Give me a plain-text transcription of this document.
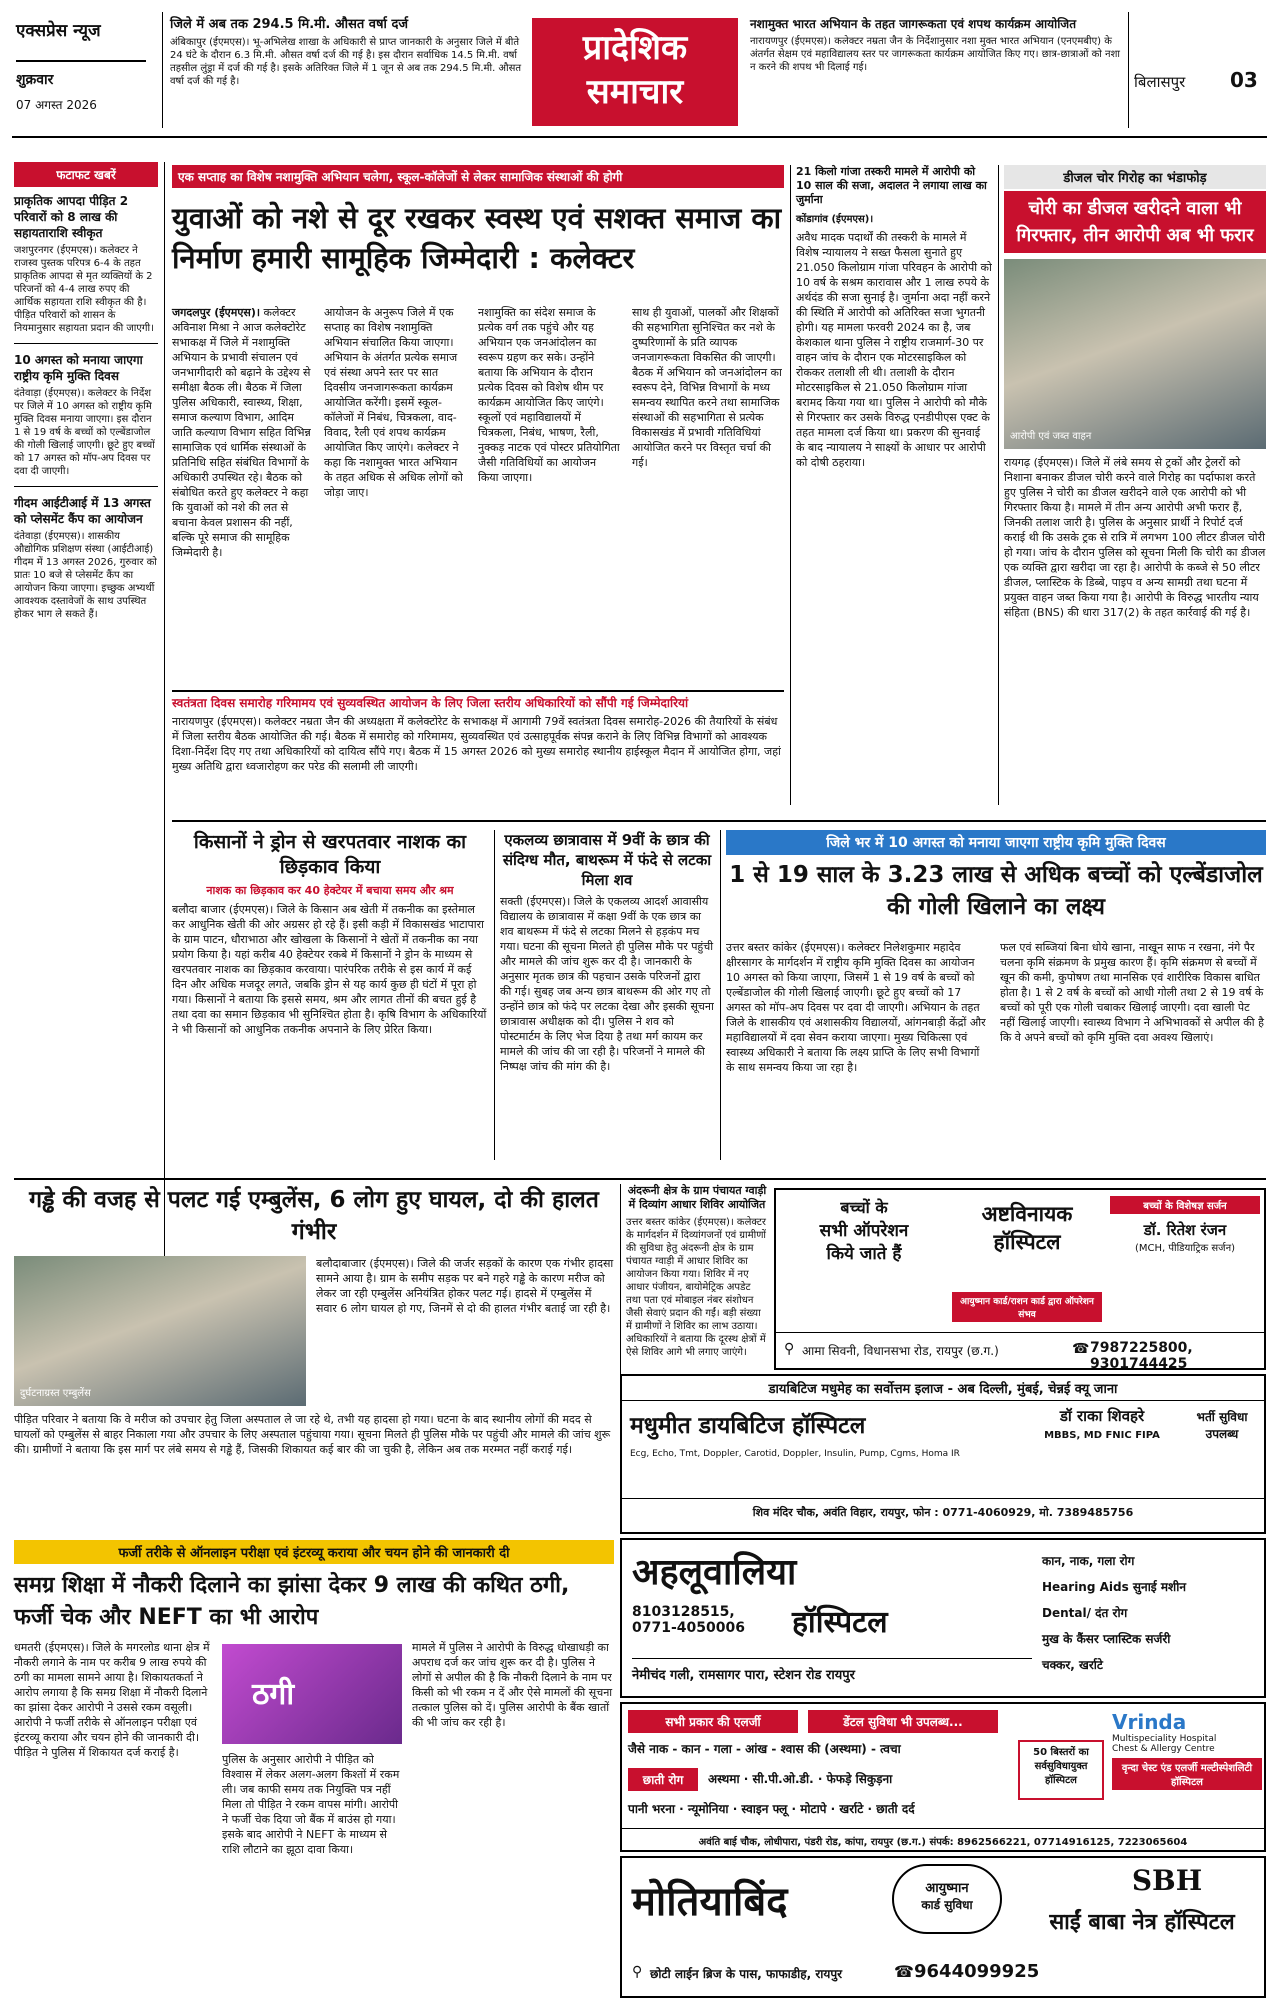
एक्सप्रेस न्यूज
शुक्रवार
07 अगस्त 2026
जिले में अब तक 294.5 मि.मी. औसत वर्षा दर्ज
अंबिकापुर (ईएमएस)। भू-अभिलेख शाखा के अधिकारी से प्राप्त जानकारी के अनुसार जिले में बीते 24 घंटे के दौरान 6.3 मि.मी. औसत वर्षा दर्ज की गई है। इस दौरान सर्वाधिक 14.5 मि.मी. वर्षा तहसील लुंड्रा में दर्ज की गई है। इसके अतिरिक्त जिले में 1 जून से अब तक 294.5 मि.मी. औसत वर्षा दर्ज की गई है।
प्रादेशिक
समाचार
नशामुक्त भारत अभियान के तहत जागरूकता एवं शपथ कार्यक्रम आयोजित
नारायणपुर (ईएमएस)। कलेक्टर नम्रता जैन के निर्देशानुसार नशा मुक्त भारत अभियान (एनएमबीए) के अंतर्गत सेक्षम एवं महाविद्यालय स्तर पर जागरूकता कार्यक्रम आयोजित किए गए। छात्र-छात्राओं को नशा न करने की शपथ भी दिलाई गई।
बिलासपुर 03
फटाफट खबरें
प्राकृतिक आपदा पीड़ित 2 परिवारों को 8 लाख की सहायताराशि स्वीकृत
जशपुरनगर (ईएमएस)। कलेक्टर ने राजस्व पुस्तक परिपत्र 6-4 के तहत प्राकृतिक आपदा से मृत व्यक्तियों के 2 परिजनों को 4-4 लाख रुपए की आर्थिक सहायता राशि स्वीकृत की है। पीड़ित परिवारों को शासन के नियमानुसार सहायता प्रदान की जाएगी।
10 अगस्त को मनाया जाएगा राष्ट्रीय कृमि मुक्ति दिवस
दंतेवाड़ा (ईएमएस)। कलेक्टर के निर्देश पर जिले में 10 अगस्त को राष्ट्रीय कृमि मुक्ति दिवस मनाया जाएगा। इस दौरान 1 से 19 वर्ष के बच्चों को एल्बेंडाजोल की गोली खिलाई जाएगी। छूटे हुए बच्चों को 17 अगस्त को मॉप-अप दिवस पर दवा दी जाएगी।
गीदम आईटीआई में 13 अगस्त को प्लेसमेंट कैंप का आयोजन
दंतेवाड़ा (ईएमएस)। शासकीय औद्योगिक प्रशिक्षण संस्था (आईटीआई) गीदम में 13 अगस्त 2026, गुरुवार को प्रातः 10 बजे से प्लेसमेंट कैंप का आयोजन किया जाएगा। इच्छुक अभ्यर्थी आवश्यक दस्तावेजों के साथ उपस्थित होकर भाग ले सकते हैं।
एक सप्ताह का विशेष नशामुक्ति अभियान चलेगा, स्कूल-कॉलेजों से लेकर सामाजिक संस्थाओं की होगी
युवाओं को नशे से दूर रखकर स्वस्थ एवं सशक्त समाज का निर्माण हमारी सामूहिक जिम्मेदारी : कलेक्टर
जगदलपुर (ईएमएस)। कलेक्टर अविनाश मिश्रा ने आज कलेक्टोरेट सभाकक्ष में जिले में नशामुक्ति अभियान के प्रभावी संचालन एवं जनभागीदारी को बढ़ाने के उद्देश्य से समीक्षा बैठक ली। बैठक में जिला पुलिस अधिकारी, स्वास्थ्य, शिक्षा, समाज कल्याण विभाग, आदिम जाति कल्याण विभाग सहित विभिन्न सामाजिक एवं धार्मिक संस्थाओं के प्रतिनिधि सहित संबंधित विभागों के अधिकारी उपस्थित रहे। बैठक को संबोधित करते हुए कलेक्टर ने कहा कि युवाओं को नशे की लत से बचाना केवल प्रशासन की नहीं, बल्कि पूरे समाज की सामूहिक जिम्मेदारी है।
आयोजन के अनुरूप जिले में एक सप्ताह का विशेष नशामुक्ति अभियान संचालित किया जाएगा। अभियान के अंतर्गत प्रत्येक समाज एवं संस्था अपने स्तर पर सात दिवसीय जनजागरूकता कार्यक्रम आयोजित करेंगी। इसमें स्कूल-कॉलेजों में निबंध, चित्रकला, वाद-विवाद, रैली एवं शपथ कार्यक्रम आयोजित किए जाएंगे। कलेक्टर ने कहा कि नशामुक्त भारत अभियान के तहत अधिक से अधिक लोगों को जोड़ा जाए।
नशामुक्ति का संदेश समाज के प्रत्येक वर्ग तक पहुंचे और यह अभियान एक जनआंदोलन का स्वरूप ग्रहण कर सके। उन्होंने बताया कि अभियान के दौरान प्रत्येक दिवस को विशेष थीम पर कार्यक्रम आयोजित किए जाएंगे। स्कूलों एवं महाविद्यालयों में चित्रकला, निबंध, भाषण, रैली, नुक्कड़ नाटक एवं पोस्टर प्रतियोगिता जैसी गतिविधियों का आयोजन किया जाएगा।
साथ ही युवाओं, पालकों और शिक्षकों की सहभागिता सुनिश्चित कर नशे के दुष्परिणामों के प्रति व्यापक जनजागरूकता विकसित की जाएगी। बैठक में अभियान को जनआंदोलन का स्वरूप देने, विभिन्न विभागों के मध्य समन्वय स्थापित करने तथा सामाजिक संस्थाओं की सहभागिता से प्रत्येक विकासखंड में प्रभावी गतिविधियां आयोजित करने पर विस्तृत चर्चा की गई।
21 किलो गांजा तस्करी मामले में आरोपी को 10 साल की सजा, अदालत ने लगाया लाख का जुर्माना
कोंडागांव (ईएमएस)।
अवैध मादक पदार्थों की तस्करी के मामले में विशेष न्यायालय ने सख्त फैसला सुनाते हुए 21.050 किलोग्राम गांजा परिवहन के आरोपी को 10 वर्ष के सश्रम कारावास और 1 लाख रुपये के अर्थदंड की सजा सुनाई है। जुर्माना अदा नहीं करने की स्थिति में आरोपी को अतिरिक्त सजा भुगतनी होगी। यह मामला फरवरी 2024 का है, जब केशकाल थाना पुलिस ने राष्ट्रीय राजमार्ग-30 पर वाहन जांच के दौरान एक मोटरसाइकिल को रोककर तलाशी ली थी। तलाशी के दौरान मोटरसाइकिल से 21.050 किलोग्राम गांजा बरामद किया गया था। पुलिस ने आरोपी को मौके से गिरफ्तार कर उसके विरुद्ध एनडीपीएस एक्ट के तहत मामला दर्ज किया था। प्रकरण की सुनवाई के बाद न्यायालय ने साक्ष्यों के आधार पर आरोपी को दोषी ठहराया।
डीजल चोर गिरोह का भंडाफोड़
चोरी का डीजल खरीदने वाला भी गिरफ्तार, तीन आरोपी अब भी फरार
आरोपी एवं जब्त वाहन
रायगढ़ (ईएमएस)। जिले में लंबे समय से ट्रकों और ट्रेलरों को निशाना बनाकर डीजल चोरी करने वाले गिरोह का पर्दाफाश करते हुए पुलिस ने चोरी का डीजल खरीदने वाले एक आरोपी को भी गिरफ्तार किया है। मामले में तीन अन्य आरोपी अभी फरार हैं, जिनकी तलाश जारी है। पुलिस के अनुसार प्रार्थी ने रिपोर्ट दर्ज कराई थी कि उसके ट्रक से रात्रि में लगभग 100 लीटर डीजल चोरी हो गया। जांच के दौरान पुलिस को सूचना मिली कि चोरी का डीजल एक व्यक्ति द्वारा खरीदा जा रहा है। आरोपी के कब्जे से 50 लीटर डीजल, प्लास्टिक के डिब्बे, पाइप व अन्य सामग्री तथा घटना में प्रयुक्त वाहन जब्त किया गया है। आरोपी के विरुद्ध भारतीय न्याय संहिता (BNS) की धारा 317(2) के तहत कार्रवाई की गई है।
स्वतंत्रता दिवस समारोह गरिमामय एवं सुव्यवस्थित आयोजन के लिए जिला स्तरीय अधिकारियों को सौंपी गई जिम्मेदारियां
नारायणपुर (ईएमएस)। कलेक्टर नम्रता जैन की अध्यक्षता में कलेक्टोरेट के सभाकक्ष में आगामी 79वें स्वतंत्रता दिवस समारोह-2026 की तैयारियों के संबंध में जिला स्तरीय बैठक आयोजित की गई। बैठक में समारोह को गरिमामय, सुव्यवस्थित एवं उत्साहपूर्वक संपन्न कराने के लिए विभिन्न विभागों को आवश्यक दिशा-निर्देश दिए गए तथा अधिकारियों को दायित्व सौंपे गए। बैठक में 15 अगस्त 2026 को मुख्य समारोह स्थानीय हाईस्कूल मैदान में आयोजित होगा, जहां मुख्य अतिथि द्वारा ध्वजारोहण कर परेड की सलामी ली जाएगी।
किसानों ने ड्रोन से खरपतवार नाशक का छिड़काव किया
नाशक का छिड़काव कर 40 हेक्टेयर में बचाया समय और श्रम
बलौदा बाजार (ईएमएस)। जिले के किसान अब खेती में तकनीक का इस्तेमाल कर आधुनिक खेती की ओर अग्रसर हो रहे हैं। इसी कड़ी में विकासखंड भाटापारा के ग्राम पाटन, धौराभाठा और खोखला के किसानों ने खेतों में तकनीक का नया प्रयोग किया है। यहां करीब 40 हेक्टेयर रकबे में किसानों ने ड्रोन के माध्यम से खरपतवार नाशक का छिड़काव करवाया। पारंपरिक तरीके से इस कार्य में कई दिन और अधिक मजदूर लगते, जबकि ड्रोन से यह कार्य कुछ ही घंटों में पूरा हो गया। किसानों ने बताया कि इससे समय, श्रम और लागत तीनों की बचत हुई है तथा दवा का समान छिड़काव भी सुनिश्चित होता है। कृषि विभाग के अधिकारियों ने भी किसानों को आधुनिक तकनीक अपनाने के लिए प्रेरित किया।
एकलव्य छात्रावास में 9वीं के छात्र की संदिग्ध मौत, बाथरूम में फंदे से लटका मिला शव
सक्ती (ईएमएस)। जिले के एकलव्य आदर्श आवासीय विद्यालय के छात्रावास में कक्षा 9वीं के एक छात्र का शव बाथरूम में फंदे से लटका मिलने से हड़कंप मच गया। घटना की सूचना मिलते ही पुलिस मौके पर पहुंची और मामले की जांच शुरू कर दी है। जानकारी के अनुसार मृतक छात्र की पहचान उसके परिजनों द्वारा की गई। सुबह जब अन्य छात्र बाथरूम की ओर गए तो उन्होंने छात्र को फंदे पर लटका देखा और इसकी सूचना छात्रावास अधीक्षक को दी। पुलिस ने शव को पोस्टमार्टम के लिए भेज दिया है तथा मर्ग कायम कर मामले की जांच की जा रही है। परिजनों ने मामले की निष्पक्ष जांच की मांग की है।
जिले भर में 10 अगस्त को मनाया जाएगा राष्ट्रीय कृमि मुक्ति दिवस
1 से 19 साल के 3.23 लाख से अधिक बच्चों को एल्बेंडाजोल की गोली खिलाने का लक्ष्य
उत्तर बस्तर कांकेर (ईएमएस)। कलेक्टर निलेशकुमार महादेव क्षीरसागर के मार्गदर्शन में राष्ट्रीय कृमि मुक्ति दिवस का आयोजन 10 अगस्त को किया जाएगा, जिसमें 1 से 19 वर्ष के बच्चों को एल्बेंडाजोल की गोली खिलाई जाएगी। छूटे हुए बच्चों को 17 अगस्त को मॉप-अप दिवस पर दवा दी जाएगी। अभियान के तहत जिले के शासकीय एवं अशासकीय विद्यालयों, आंगनबाड़ी केंद्रों और महाविद्यालयों में दवा सेवन कराया जाएगा। मुख्य चिकित्सा एवं स्वास्थ्य अधिकारी ने बताया कि लक्ष्य प्राप्ति के लिए सभी विभागों के साथ समन्वय किया जा रहा है।
फल एवं सब्जियां बिना धोये खाना, नाखून साफ न रखना, नंगे पैर चलना कृमि संक्रमण के प्रमुख कारण हैं। कृमि संक्रमण से बच्चों में खून की कमी, कुपोषण तथा मानसिक एवं शारीरिक विकास बाधित होता है। 1 से 2 वर्ष के बच्चों को आधी गोली तथा 2 से 19 वर्ष के बच्चों को पूरी एक गोली चबाकर खिलाई जाएगी। दवा खाली पेट नहीं खिलाई जाएगी। स्वास्थ्य विभाग ने अभिभावकों से अपील की है कि वे अपने बच्चों को कृमि मुक्ति दवा अवश्य खिलाएं।
गड्ढे की वजह से पलट गई एम्बुलेंस, 6 लोग हुए घायल, दो की हालत गंभीर
दुर्घटनाग्रस्त एम्बुलेंस
बलौदाबाजार (ईएमएस)। जिले की जर्जर सड़कों के कारण एक गंभीर हादसा सामने आया है। ग्राम के समीप सड़क पर बने गहरे गड्ढे के कारण मरीज को लेकर जा रही एम्बुलेंस अनियंत्रित होकर पलट गई। हादसे में एम्बुलेंस में सवार 6 लोग घायल हो गए, जिनमें से दो की हालत गंभीर बताई जा रही है।
पीड़ित परिवार ने बताया कि वे मरीज को उपचार हेतु जिला अस्पताल ले जा रहे थे, तभी यह हादसा हो गया। घटना के बाद स्थानीय लोगों की मदद से घायलों को एम्बुलेंस से बाहर निकाला गया और उपचार के लिए अस्पताल पहुंचाया गया। सूचना मिलते ही पुलिस मौके पर पहुंची और मामले की जांच शुरू की। ग्रामीणों ने बताया कि इस मार्ग पर लंबे समय से गड्ढे हैं, जिसकी शिकायत कई बार की जा चुकी है, लेकिन अब तक मरम्मत नहीं कराई गई।
अंदरूनी क्षेत्र के ग्राम पंचायत ग्वाड़ी में दिव्यांग आधार शिविर आयोजित
उत्तर बस्तर कांकेर (ईएमएस)। कलेक्टर के मार्गदर्शन में दिव्यांगजनों एवं ग्रामीणों की सुविधा हेतु अंदरूनी क्षेत्र के ग्राम पंचायत ग्वाड़ी में आधार शिविर का आयोजन किया गया। शिविर में नए आधार पंजीयन, बायोमेट्रिक अपडेट तथा पता एवं मोबाइल नंबर संशोधन जैसी सेवाएं प्रदान की गईं। बड़ी संख्या में ग्रामीणों ने शिविर का लाभ उठाया। अधिकारियों ने बताया कि दूरस्थ क्षेत्रों में ऐसे शिविर आगे भी लगाए जाएंगे।
बच्चों के
सभी ऑपरेशन
किये जाते हैं
अष्टविनायक हॉस्पिटल
बच्चों के विशेषज्ञ सर्जन
डॉ. रितेश रंजन
(MCH, पीडियाट्रिक सर्जन)
आयुष्मान कार्ड/राशन कार्ड द्वारा ऑपरेशन संभव
⚲ आमा सिवनी, विधानसभा रोड, रायपुर (छ.ग.)	☎ 7987225800, 9301744425
डायबिटिज मधुमेह का सर्वोत्तम इलाज - अब दिल्ली, मुंबई, चेन्नई क्यू जाना
मधुमीत डायबिटिज हॉस्पिटल
Ecg, Echo, Tmt, Doppler, Carotid, Doppler, Insulin, Pump, Cgms, Homa IR
डॉ राका शिवहरे
MBBS, MD FNIC FIPA
भर्ती सुविधा उपलब्ध
शिव मंदिर चौक, अवंति विहार, रायपुर, फोन : 0771-4060929, मो. 7389485756
फर्जी तरीके से ऑनलाइन परीक्षा एवं इंटरव्यू कराया और चयन होने की जानकारी दी
समग्र शिक्षा में नौकरी दिलाने का झांसा देकर 9 लाख की कथित ठगी, फर्जी चेक और NEFT का भी आरोप
धमतरी (ईएमएस)। जिले के मगरलोड थाना क्षेत्र में नौकरी लगाने के नाम पर करीब 9 लाख रुपये की ठगी का मामला सामने आया है। शिकायतकर्ता ने आरोप लगाया है कि समग्र शिक्षा में नौकरी दिलाने का झांसा देकर आरोपी ने उससे रकम वसूली। आरोपी ने फर्जी तरीके से ऑनलाइन परीक्षा एवं इंटरव्यू कराया और चयन होने की जानकारी दी। पीड़ित ने पुलिस में शिकायत दर्ज कराई है।
ठगी
पुलिस के अनुसार आरोपी ने पीड़ित को विश्वास में लेकर अलग-अलग किश्तों में रकम ली। जब काफी समय तक नियुक्ति पत्र नहीं मिला तो पीड़ित ने रकम वापस मांगी। आरोपी ने फर्जी चेक दिया जो बैंक में बाउंस हो गया। इसके बाद आरोपी ने NEFT के माध्यम से राशि लौटाने का झूठा दावा किया।
मामले में पुलिस ने आरोपी के विरुद्ध धोखाधड़ी का अपराध दर्ज कर जांच शुरू कर दी है। पुलिस ने लोगों से अपील की है कि नौकरी दिलाने के नाम पर किसी को भी रकम न दें और ऐसे मामलों की सूचना तत्काल पुलिस को दें। पुलिस आरोपी के बैंक खातों की भी जांच कर रही है।
अहलूवालिया
हॉस्पिटल
8103128515,
0771-4050006
नेमीचंद गली, रामसागर पारा, स्टेशन रोड रायपुर
कान, नाक, गला रोग
Hearing Aids सुनाई मशीन
Dental/ दंत रोग
मुख के कैंसर प्लास्टिक सर्जरी
चक्कर, खर्राटे
सभी प्रकार की एलर्जी	डेंटल सुविधा भी उपलब्ध...
जैसे नाक - कान - गला - आंख - श्वास की (अस्थमा) - त्वचा
छाती रोग	अस्थमा · सी.पी.ओ.डी. · फेफड़े सिकुड़ना
पानी भरना · न्यूमोनिया · स्वाइन फ्लू · मोटापे · खर्राटे · छाती दर्द
50 बिस्तरों का सर्वसुविधायुक्त हॉस्पिटल
Vrinda
Multispeciality Hospital
Chest & Allergy Centre
वृन्दा चेस्ट एंड एलर्जी मल्टीस्पेशलिटी हॉस्पिटल
अवंति बाई चौक, लोधीपारा, पंडरी रोड, कांपा, रायपुर (छ.ग.) संपर्क: 8962566221, 07714916125, 7223065604
मोतियाबिंद	आयुष्मान
कार्ड सुविधा
SBH
साईं बाबा नेत्र हॉस्पिटल
⚲ छोटी लाईन ब्रिज के पास, फाफाडीह, रायपुर	☎ 9644099925
